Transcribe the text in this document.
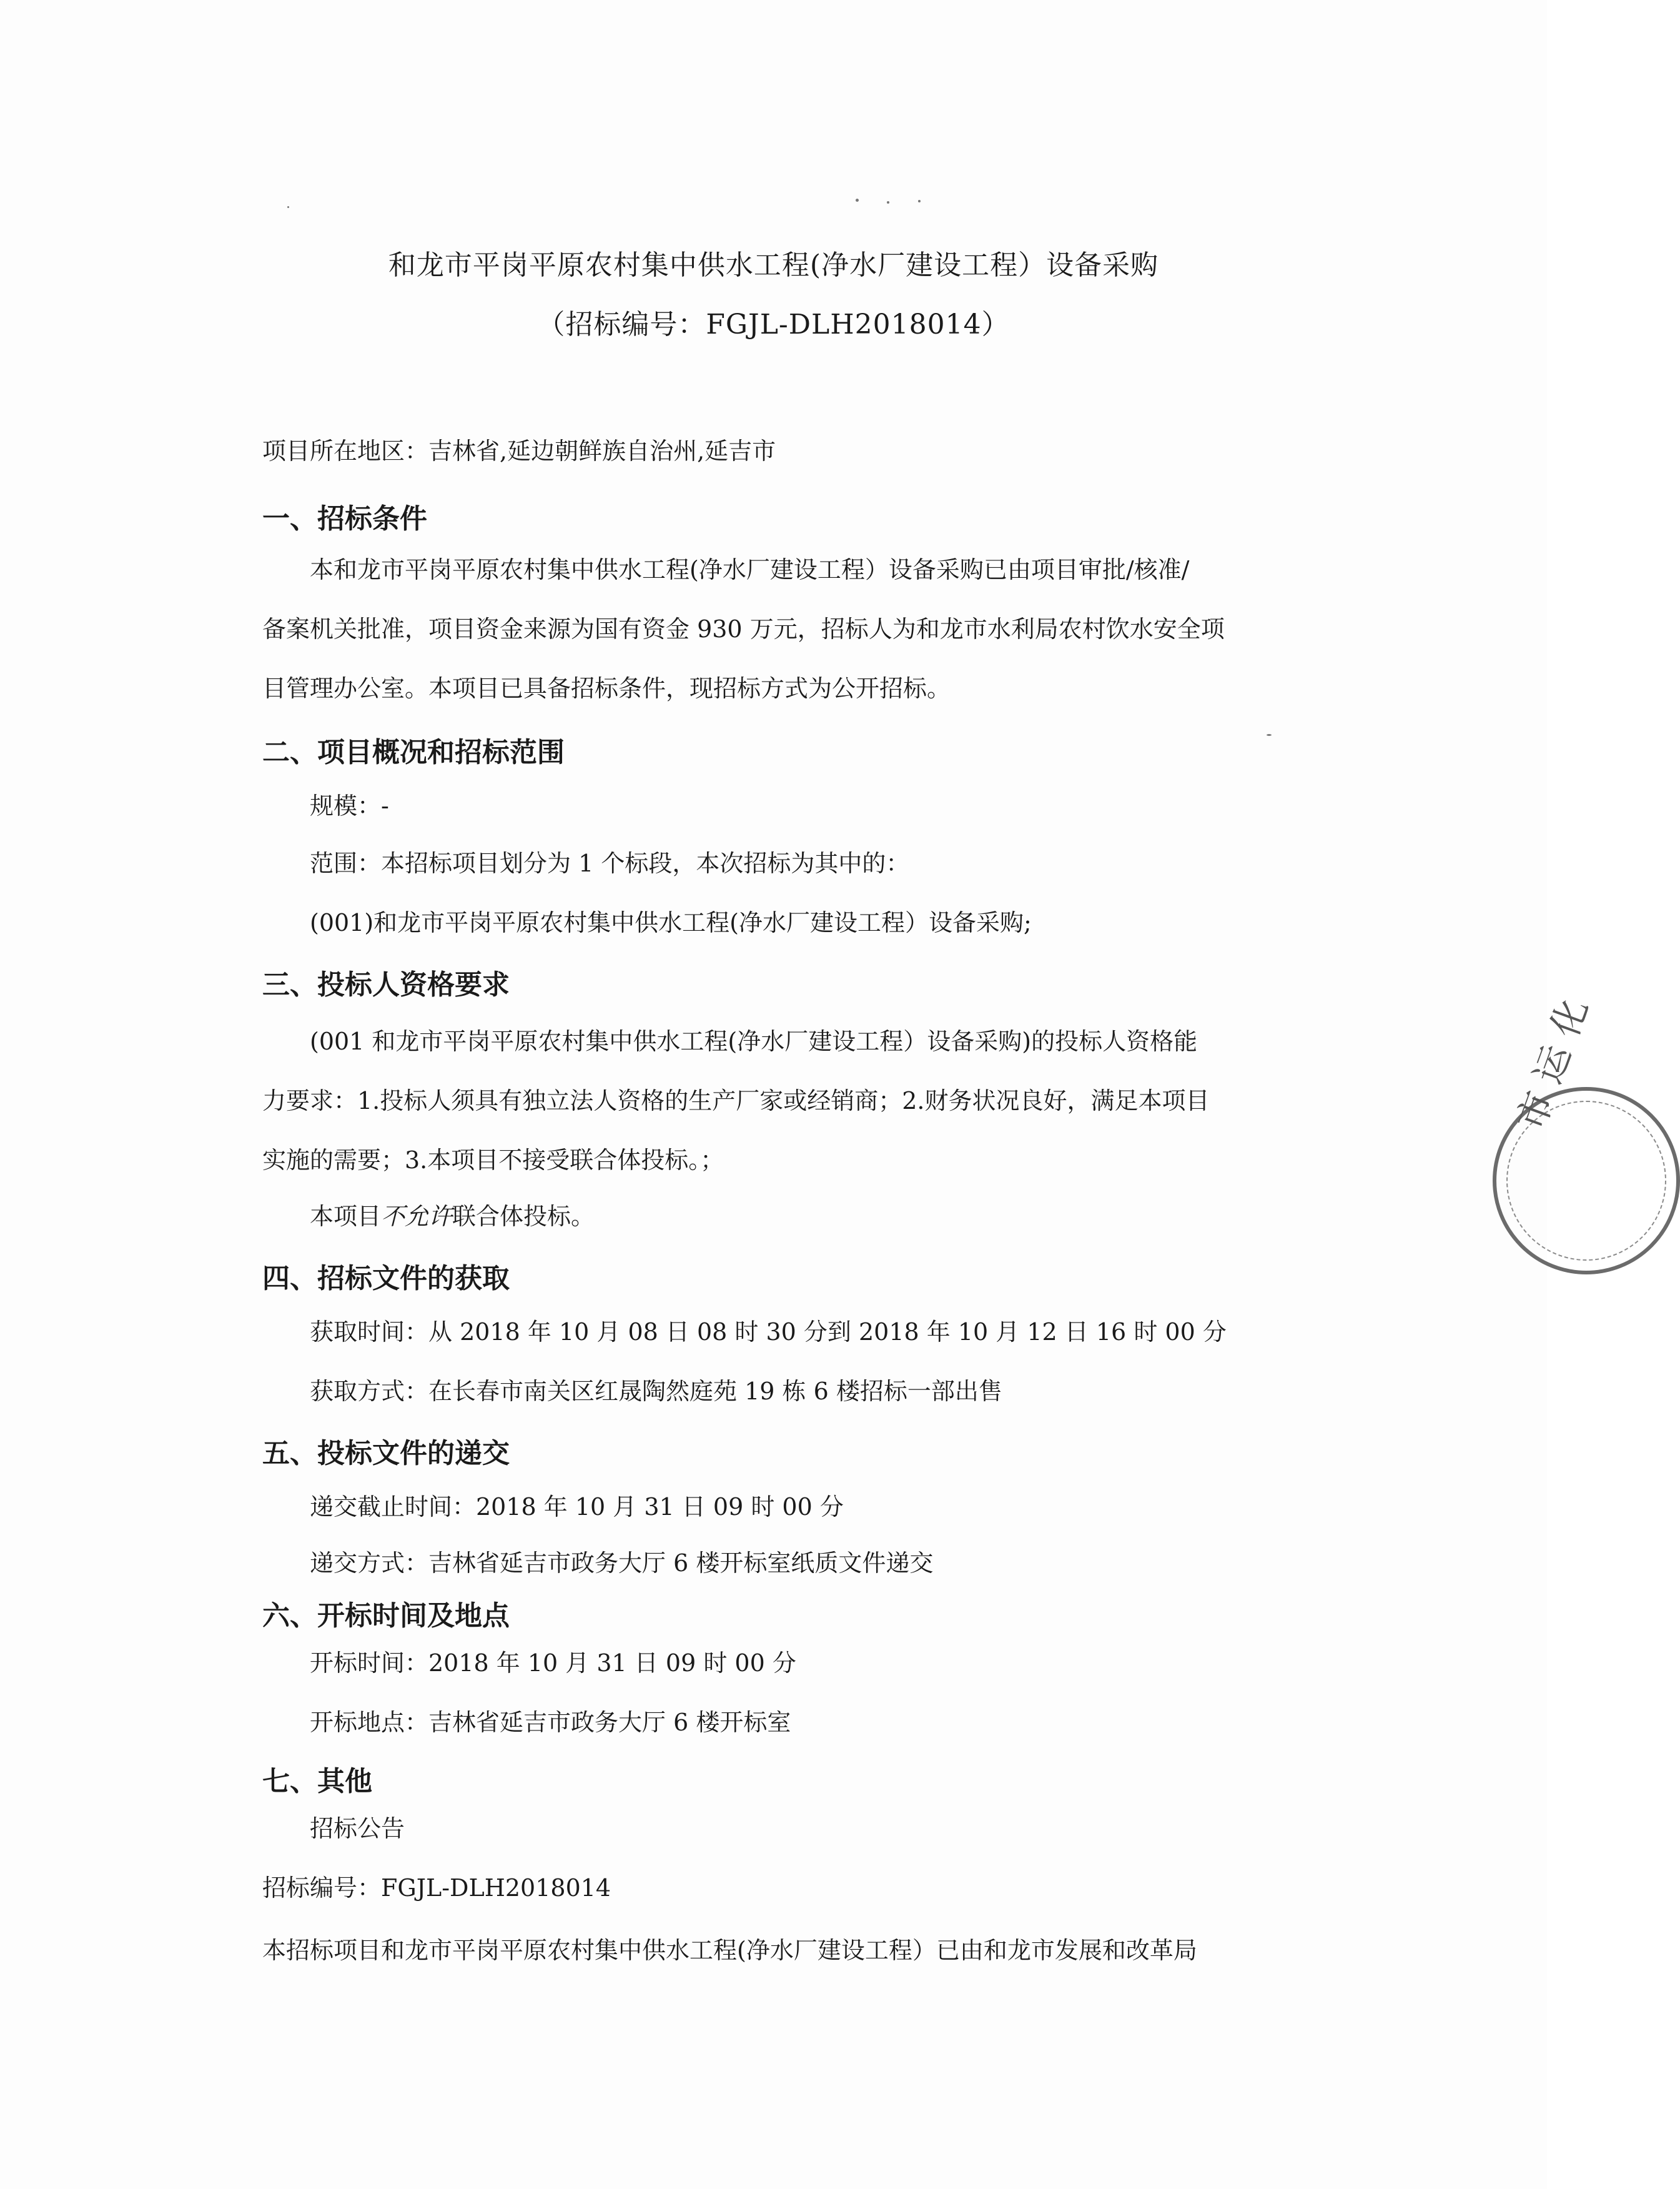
和龙市平岗平原农村集中供水工程(净水厂建设工程）设备采购
（招标编号：FGJL-DLH2018014）
项目所在地区：吉林省,延边朝鲜族自治州,延吉市
一、招标条件
本和龙市平岗平原农村集中供水工程(净水厂建设工程）设备采购已由项目审批/核准/
备案机关批准，项目资金来源为国有资金 930 万元，招标人为和龙市水利局农村饮水安全项
目管理办公室。本项目已具备招标条件，现招标方式为公开招标。
二、项目概况和招标范围
规模：-
范围：本招标项目划分为 1 个标段，本次招标为其中的：
(001)和龙市平岗平原农村集中供水工程(净水厂建设工程）设备采购;
三、投标人资格要求
(001 和龙市平岗平原农村集中供水工程(净水厂建设工程）设备采购)的投标人资格能
力要求：1.投标人须具有独立法人资格的生产厂家或经销商；2.财务状况良好，满足本项目
实施的需要；3.本项目不接受联合体投标。；
本项目不允许联合体投标。
四、招标文件的获取
获取时间：从 2018 年 10 月 08 日 08 时 30 分到 2018 年 10 月 12 日 16 时 00 分
获取方式：在长春市南关区红晟陶然庭苑 19 栋 6 楼招标一部出售
五、投标文件的递交
递交截止时间：2018 年 10 月 31 日 09 时 00 分
递交方式：吉林省延吉市政务大厅 6 楼开标室纸质文件递交
六、开标时间及地点
开标时间：2018 年 10 月 31 日 09 时 00 分
开标地点：吉林省延吉市政务大厅 6 楼开标室
七、其他
招标公告
招标编号：FGJL-DLH2018014
本招标项目和龙市平岗平原农村集中供水工程(净水厂建设工程）已由和龙市发展和改革局
市 运 化
